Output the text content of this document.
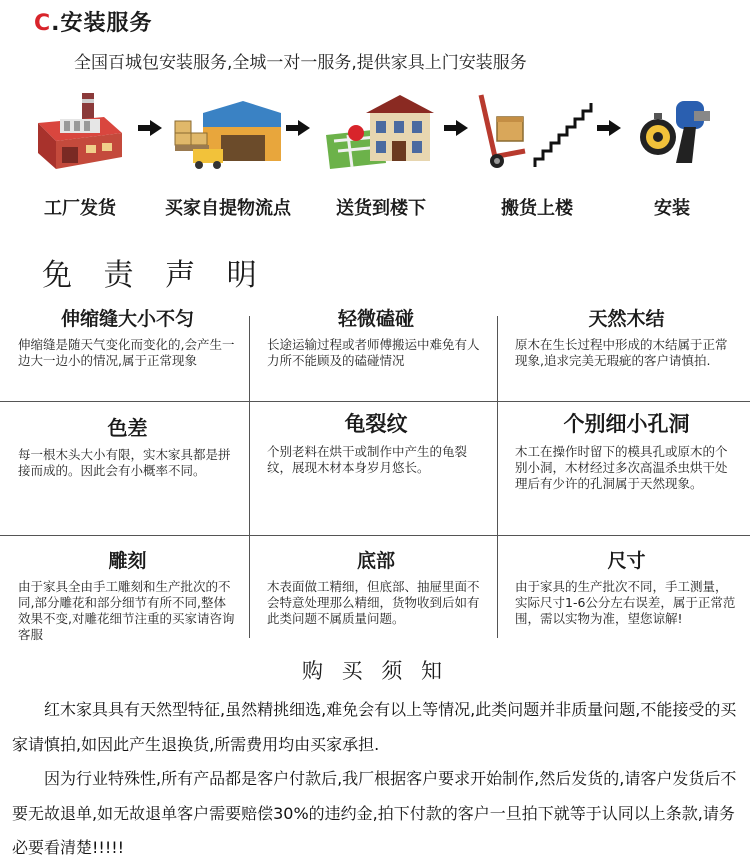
C.安装服务
全国百城包安装服务,全城一对一服务,提供家具上门安装服务
工厂发货	买家自提物流点	送货到楼下	搬货上楼	安装
免 责 声 明
伸缩缝大小不匀
伸缩缝是随天气变化而变化的,会产生一边大一边小的情况,属于正常现象
轻微磕碰
长途运输过程或者师傅搬运中难免有人力所不能顾及的磕碰情况
天然木结
原木在生长过程中形成的木结属于正常现象,追求完美无瑕疵的客户请慎拍.
色差
每一根木头大小有限，实木家具都是拼接而成的。因此会有小概率不同。
龟裂纹
个别老料在烘干或制作中产生的龟裂纹，展现木材本身岁月悠长。
个别细小孔洞
木工在操作时留下的模具孔或原木的个别小洞，木材经过多次高温杀虫烘干处理后有少许的孔洞属于天然现象。
雕刻
由于家具全由手工雕刻和生产批次的不同,部分雕花和部分细节有所不同,整体效果不变,对雕花细节注重的买家请咨询客服
底部
木表面做工精细，但底部、抽屉里面不会特意处理那么精细，货物收到后如有此类问题不属质量问题。
尺寸
由于家具的生产批次不同，手工测量，实际尺寸1-6公分左右误差，属于正常范围，需以实物为准，望您谅解!
购 买 须 知

　　红木家具具有天然型特征,虽然精挑细选,难免会有以上等情况,此类问题并非质量问题,不能接受的买家请慎拍,如因此产生退换货,所需费用均由买家承担.

　　因为行业特殊性,所有产品都是客户付款后,我厂根据客户要求开始制作,然后发货的,请客户发货后不要无故退单,如无故退单客户需要赔偿30%的违约金,拍下付款的客户一旦拍下就等于认同以上条款,请务必要看清楚!!!!!
